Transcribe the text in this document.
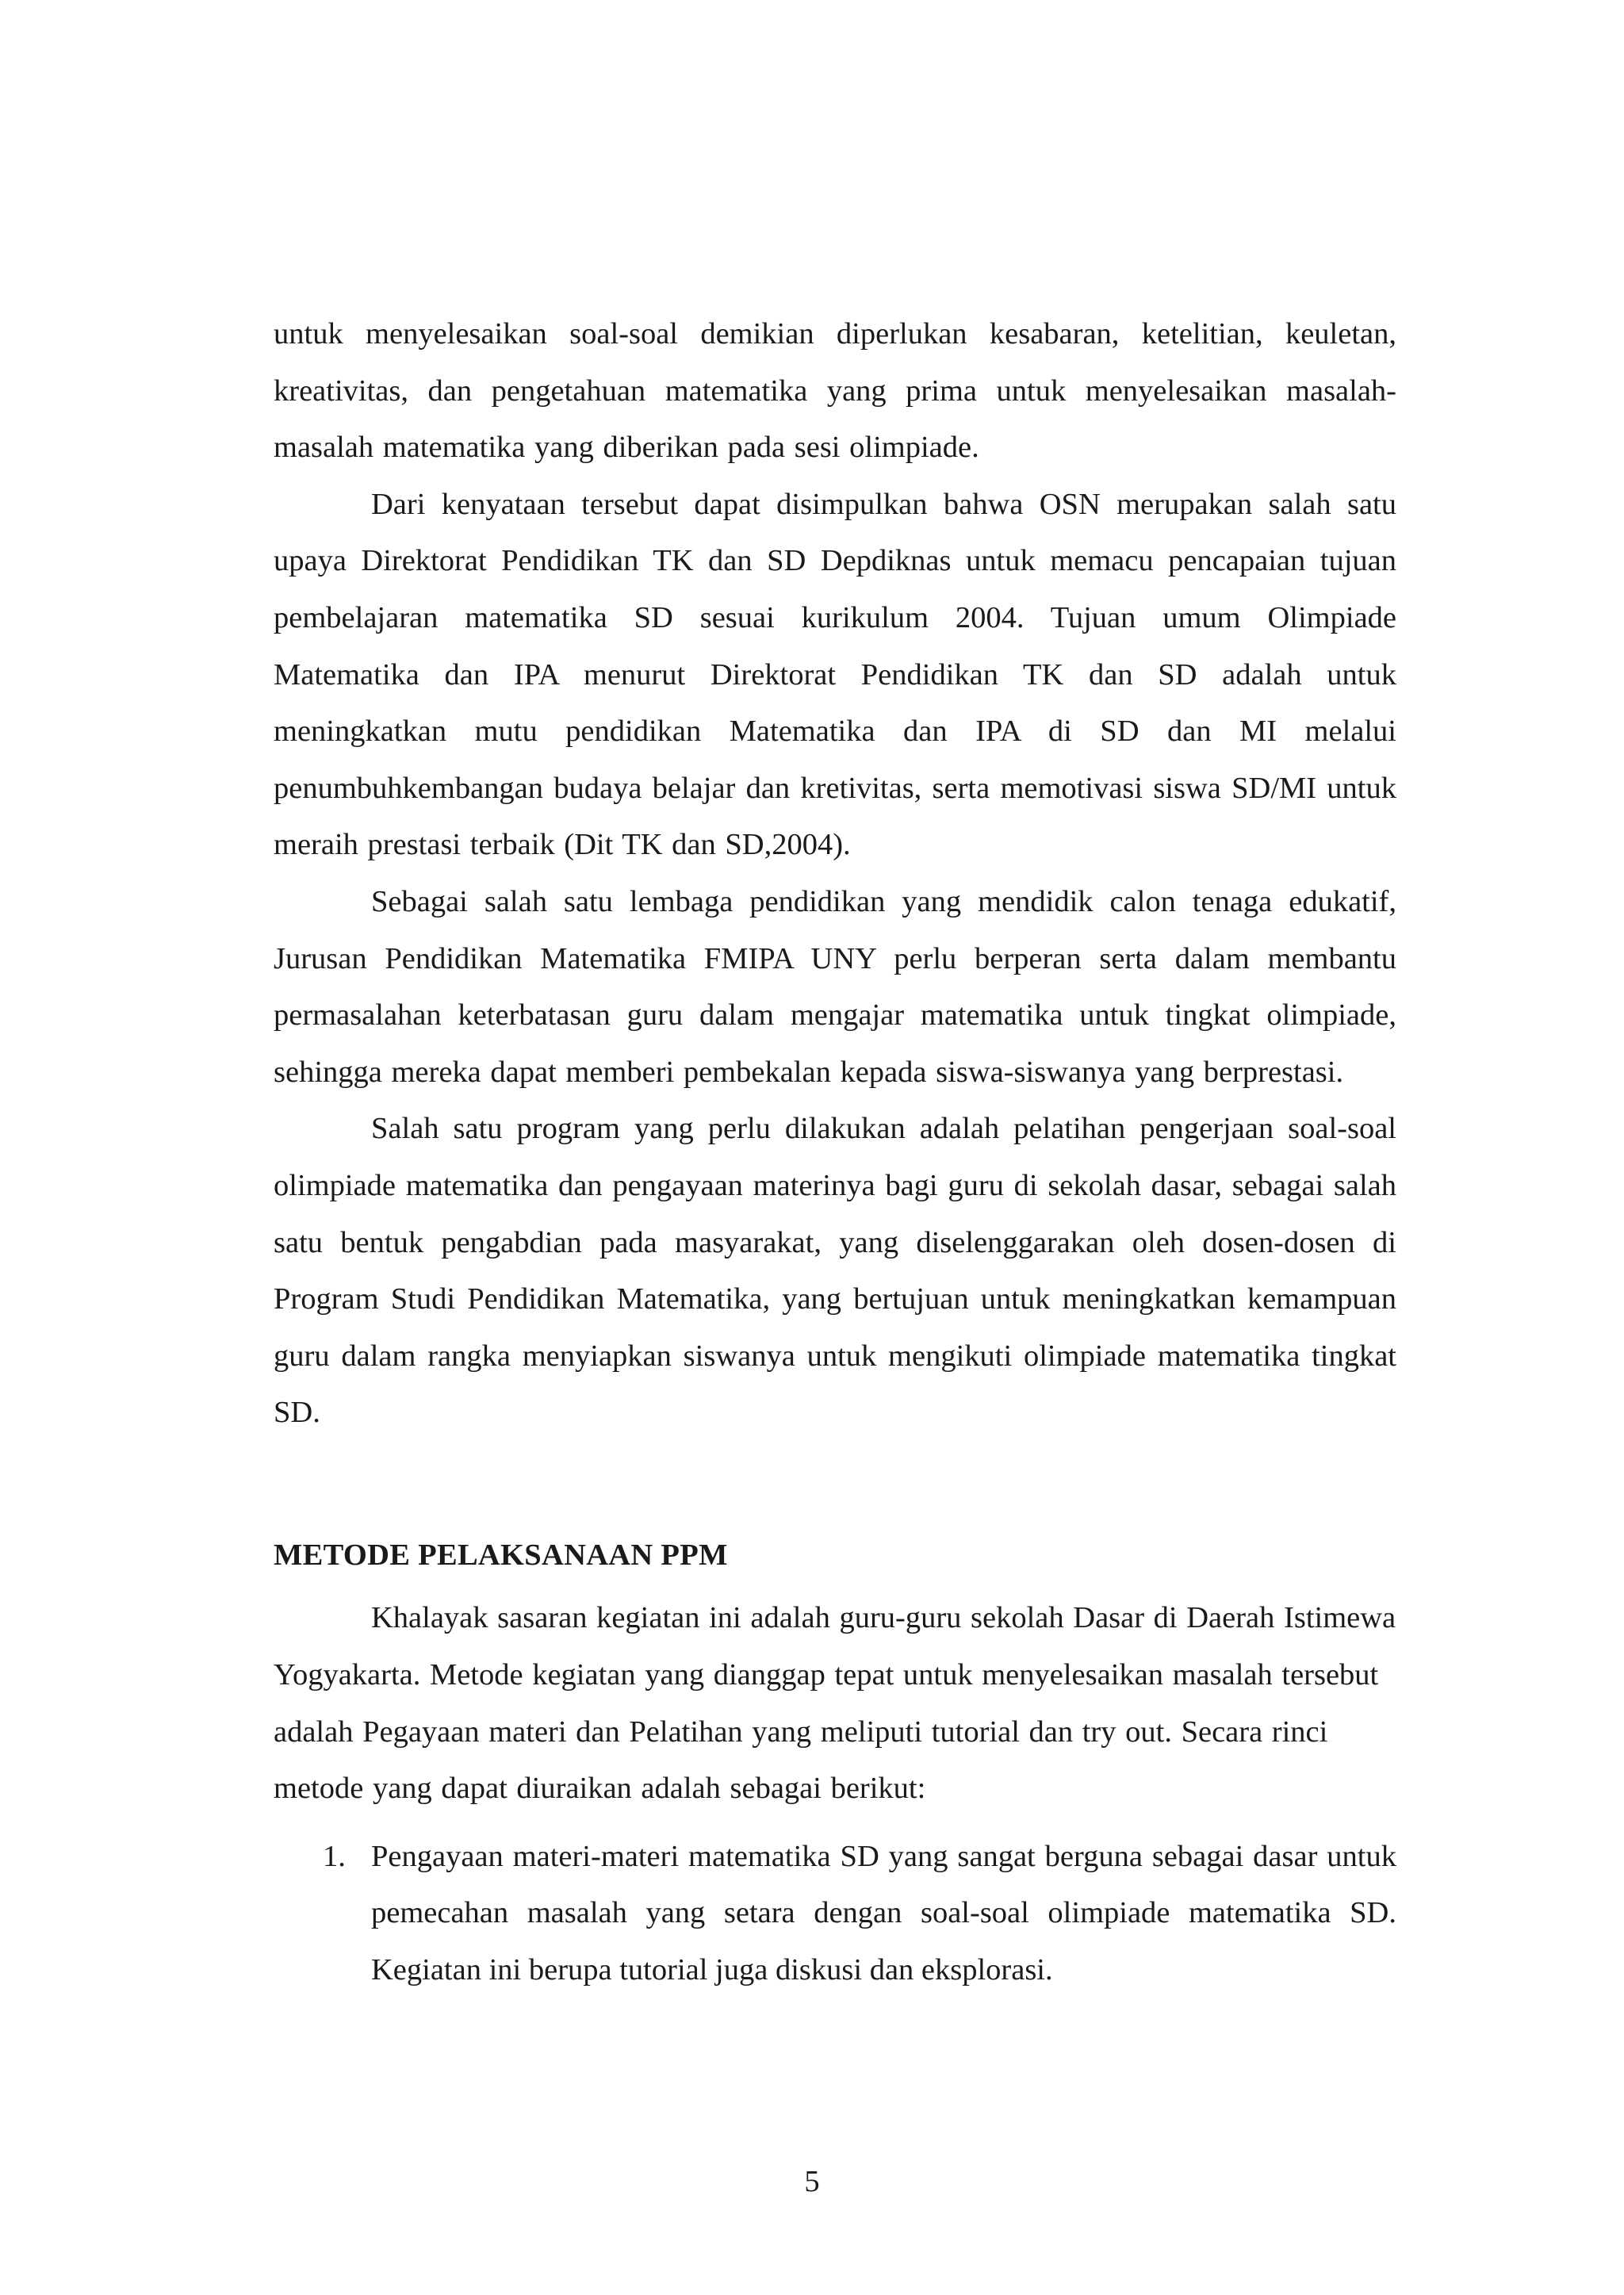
untuk menyelesaikan soal-soal demikian diperlukan kesabaran, ketelitian, keuletan, kreativitas, dan pengetahuan matematika yang prima untuk menyelesaikan masalah-masalah matematika yang diberikan pada sesi olimpiade.

Dari kenyataan tersebut dapat disimpulkan bahwa OSN merupakan salah satu upaya Direktorat Pendidikan TK dan SD Depdiknas untuk memacu pencapaian tujuan pembelajaran matematika SD sesuai kurikulum 2004. Tujuan umum Olimpiade Matematika dan IPA menurut Direktorat Pendidikan TK dan SD adalah untuk meningkatkan mutu pendidikan Matematika dan IPA di SD dan MI melalui penumbuhkembangan budaya belajar dan kretivitas, serta memotivasi siswa SD/MI untuk meraih prestasi terbaik (Dit TK dan SD,2004).

Sebagai salah satu lembaga pendidikan yang mendidik calon tenaga edukatif, Jurusan Pendidikan Matematika FMIPA UNY perlu berperan serta dalam membantu permasalahan keterbatasan guru dalam mengajar matematika untuk tingkat olimpiade, sehingga mereka dapat memberi pembekalan kepada siswa-siswanya yang berprestasi.

Salah satu program yang perlu dilakukan adalah pelatihan pengerjaan soal-soal olimpiade matematika dan pengayaan materinya bagi guru di sekolah dasar, sebagai salah satu bentuk pengabdian pada masyarakat, yang diselenggarakan oleh dosen-dosen di Program Studi Pendidikan Matematika, yang bertujuan untuk meningkatkan kemampuan guru dalam rangka menyiapkan siswanya untuk mengikuti olimpiade matematika tingkat SD.

METODE PELAKSANAAN PPM

Khalayak sasaran kegiatan ini adalah guru-guru sekolah Dasar di Daerah Istimewa Yogyakarta. Metode kegiatan yang dianggap tepat untuk menyelesaikan masalah tersebut adalah Pegayaan materi dan Pelatihan yang meliputi tutorial dan try out. Secara rinci metode yang dapat diuraikan adalah sebagai berikut:

1. Pengayaan materi-materi matematika SD yang sangat berguna sebagai dasar untuk pemecahan masalah yang setara dengan soal-soal olimpiade matematika SD. Kegiatan ini berupa tutorial juga diskusi dan eksplorasi.
5
